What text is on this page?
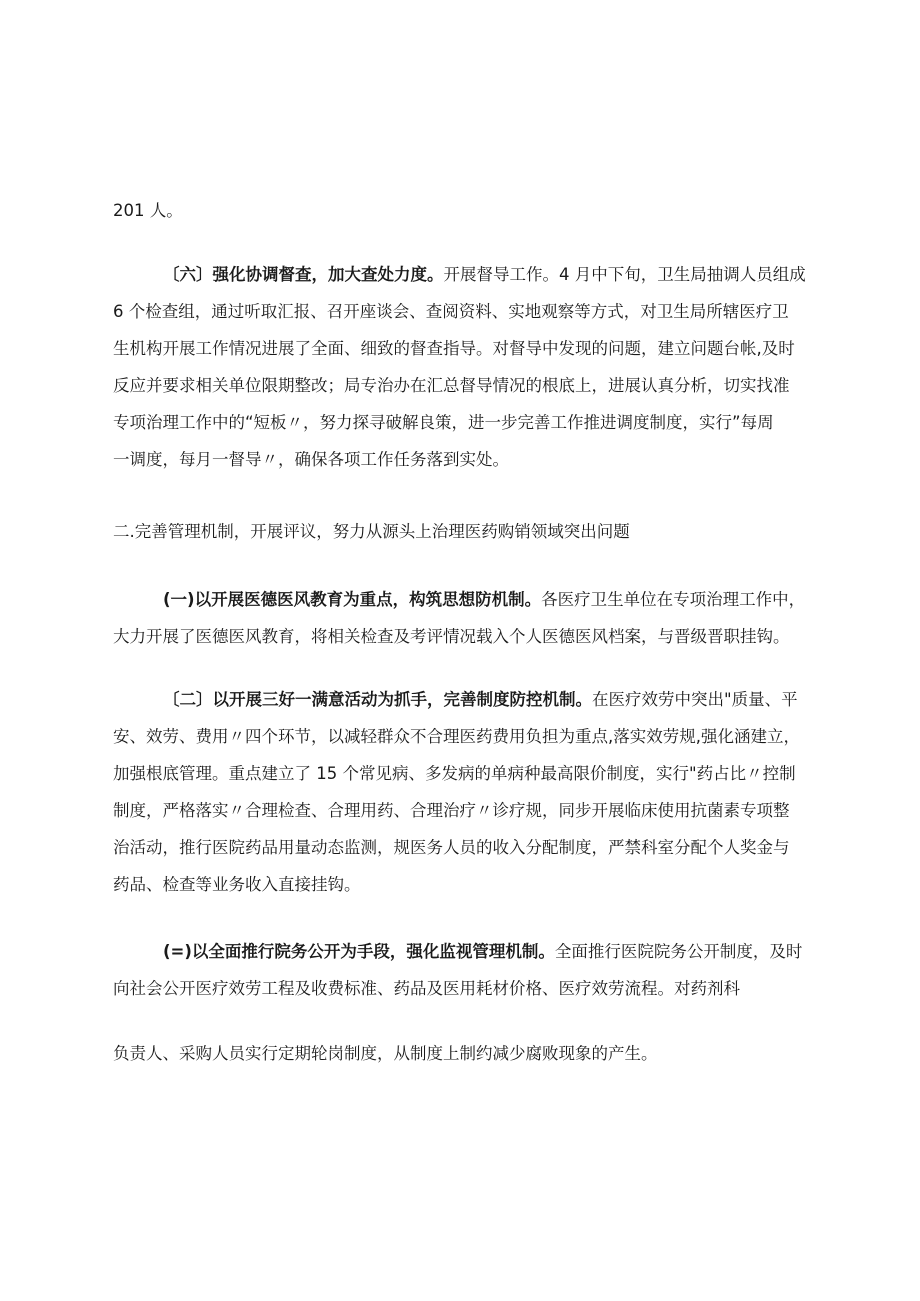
201 人。

〔六〕强化协调督查，加大查处力度。开展督导工作。4 月中下旬，卫生局抽调人员组成
6 个检查组，通过听取汇报、召开座谈会、查阅资料、实地观察等方式，对卫生局所辖医疗卫
生机构开展工作情况进展了全面、细致的督查指导。对督导中发现的问题，建立问题台帐,及时
反应并要求相关单位限期整改；局专治办在汇总督导情况的根底上，进展认真分析，切实找准
专项治理工作中的“短板〃，努力探寻破解良策，进一步完善工作推进调度制度，实行”每周
一调度，每月一督导〃，确保各项工作任务落到实处。

二.完善管理机制，开展评议，努力从源头上治理医药购销领域突出问题

(一)以开展医德医风教育为重点，构筑思想防机制。各医疗卫生单位在专项治理工作中，
大力开展了医德医风教育，将相关检查及考评情况载入个人医德医风档案，与晋级晋职挂钩。

〔二〕以开展三好一满意活动为抓手，完善制度防控机制。在医疗效劳中突出"质量、平
安、效劳、费用〃四个环节，以减轻群众不合理医药费用负担为重点,落实效劳规,强化涵建立，
加强根底管理。重点建立了 15 个常见病、多发病的单病种最高限价制度，实行"药占比〃控制
制度，严格落实〃合理检查、合理用药、合理治疗〃诊疗规，同步开展临床使用抗菌素专项整
治活动，推行医院药品用量动态监测，规医务人员的收入分配制度，严禁科室分配个人奖金与
药品、检查等业务收入直接挂钩。

(=)以全面推行院务公开为手段，强化监视管理机制。全面推行医院院务公开制度，及时
向社会公开医疗效劳工程及收费标准、药品及医用耗材价格、医疗效劳流程。对药剂科

负责人、采购人员实行定期轮岗制度，从制度上制约减少腐败现象的产生。
